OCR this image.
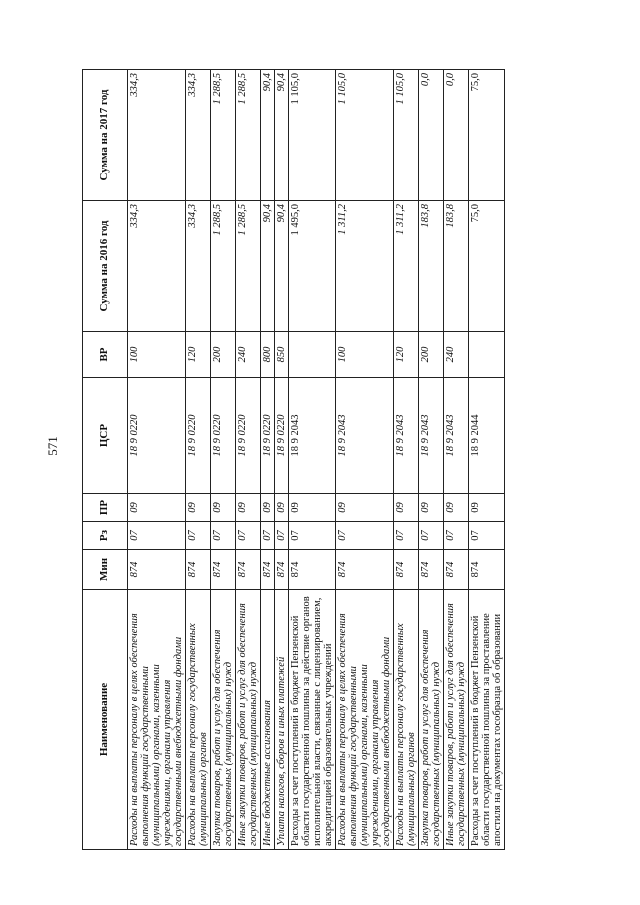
571
Наименование	Мин	Рз	ПР	ЦСР	ВР	Сумма на 2016 год	Сумма на 2017 год
Расходы на выплаты персоналу в целях обеспечения выполнения функций государственными (муниципальными) органами, казенными учреждениями, органами управления государственными внебюджетными фондами	874	07	09	18 9 0220	100	334,3	334,3
Расходы на выплаты персоналу государственных (муниципальных) органов	874	07	09	18 9 0220	120	334,3	334,3
Закупка товаров, работ и услуг для обеспечения государственных (муниципальных) нужд	874	07	09	18 9 0220	200	1 288,5	1 288,5
Иные закупки товаров, работ и услуг для обеспечения государственных (муниципальных) нужд	874	07	09	18 9 0220	240	1 288,5	1 288,5
Иные бюджетные ассигнования	874	07	09	18 9 0220	800	90,4	90,4
Уплата налогов, сборов и иных платежей	874	07	09	18 9 0220	850	90,4	90,4
Расходы за счет поступлений в бюджет Пензенской области государственной пошлины за действие органов исполнительной власти, связанные с лицензированием, аккредитацией образовательных учреждений	874	07	09	18 9 2043		1 495,0	1 105,0
Расходы на выплаты персоналу в целях обеспечения выполнения функций государственными (муниципальными) органами, казенными учреждениями, органами управления государственными внебюджетными фондами	874	07	09	18 9 2043	100	1 311,2	1 105,0
Расходы на выплаты персоналу государственных (муниципальных) органов	874	07	09	18 9 2043	120	1 311,2	1 105,0
Закупка товаров, работ и услуг для обеспечения государственных (муниципальных) нужд	874	07	09	18 9 2043	200	183,8	0,0
Иные закупки товаров, работ и услуг для обеспечения государственных (муниципальных) нужд	874	07	09	18 9 2043	240	183,8	0,0
Расходы за счет поступлений в бюджет Пензенской области государственной пошлины за проставление апостиля на документах гособразца об образовании	874	07	09	18 9 2044		75,0	75,0
